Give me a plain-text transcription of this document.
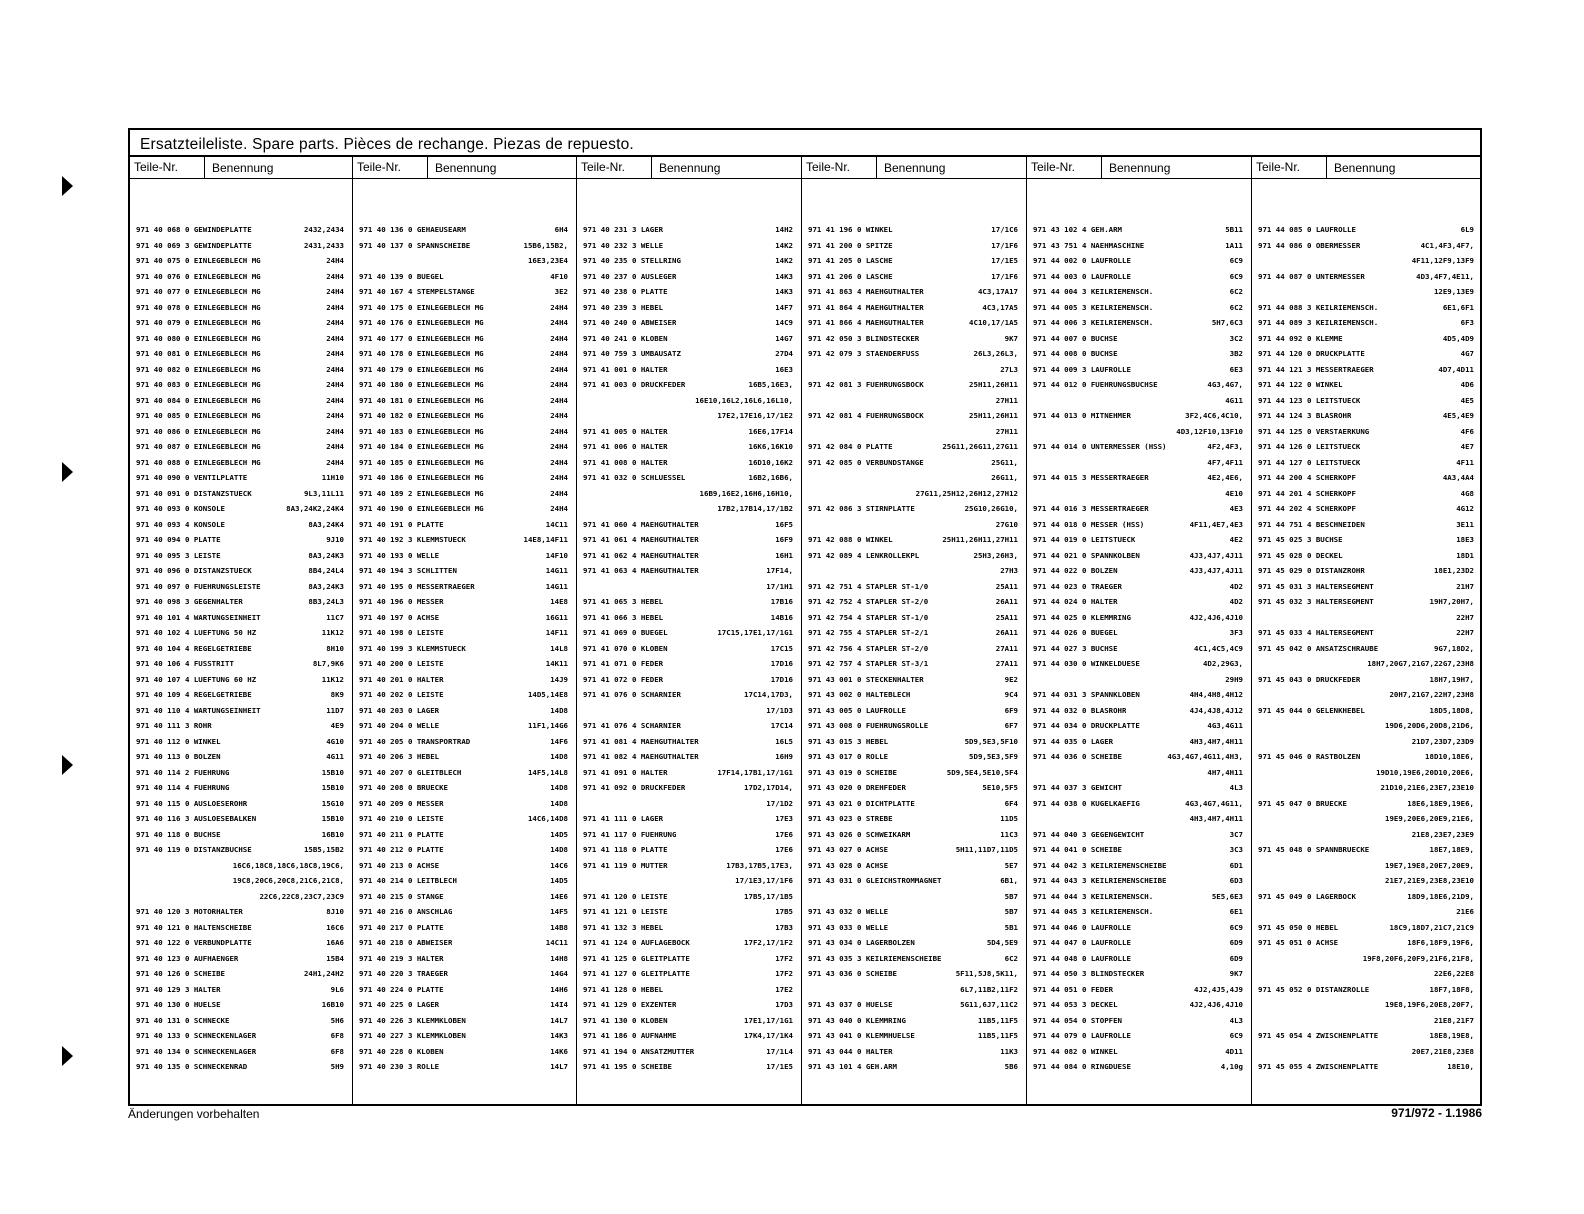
Ersatzteileliste. Spare parts. Pièces de rechange. Piezas de repuesto.
Teile-Nr.	Benennung
971 40 068 0 GEWINDEPLATTE	2432,2434
971 40 069 3 GEWINDEPLATTE	2431,2433
971 40 075 0 EINLEGEBLECH MG	24H4
971 40 076 0 EINLEGEBLECH MG	24H4
971 40 077 0 EINLEGEBLECH MG	24H4
971 40 078 0 EINLEGEBLECH MG	24H4
971 40 079 0 EINLEGEBLECH MG	24H4
971 40 080 0 EINLEGEBLECH MG	24H4
971 40 081 0 EINLEGEBLECH MG	24H4
971 40 082 0 EINLEGEBLECH MG	24H4
971 40 083 0 EINLEGEBLECH MG	24H4
971 40 084 0 EINLEGEBLECH MG	24H4
971 40 085 0 EINLEGEBLECH MG	24H4
971 40 086 0 EINLEGEBLECH MG	24H4
971 40 087 0 EINLEGEBLECH MG	24H4
971 40 088 0 EINLEGEBLECH MG	24H4
971 40 090 0 VENTILPLATTE	11H10
971 40 091 0 DISTANZSTUECK	9L3,11L11
971 40 093 0 KONSOLE	8A3,24K2,24K4
971 40 093 4 KONSOLE	8A3,24K4
971 40 094 0 PLATTE	9J10
971 40 095 3 LEISTE	8A3,24K3
971 40 096 0 DISTANZSTUECK	8B4,24L4
971 40 097 0 FUEHRUNGSLEISTE	8A3,24K3
971 40 098 3 GEGENHALTER	8B3,24L3
971 40 101 4 WARTUNGSEINHEIT	11C7
971 40 102 4 LUEFTUNG 50 HZ	11K12
971 40 104 4 REGELGETRIEBE	8H10
971 40 106 4 FUSSTRITT	8L7,9K6
971 40 107 4 LUEFTUNG 60 HZ	11K12
971 40 109 4 REGELGETRIEBE	8K9
971 40 110 4 WARTUNGSEINHEIT	11D7
971 40 111 3 ROHR	4E9
971 40 112 0 WINKEL	4G10
971 40 113 0 BOLZEN	4G11
971 40 114 2 FUEHRUNG	15B10
971 40 114 4 FUEHRUNG	15B10
971 40 115 0 AUSLOESEROHR	15G10
971 40 116 3 AUSLOESEBALKEN	15B10
971 40 118 0 BUCHSE	16B10
971 40 119 0 DISTANZBUCHSE	15B5,15B2
16C6,18C8,18C6,18C8,19C6,
19C8,20C6,20C8,21C6,21C8,
22C6,22C8,23C7,23C9
971 40 120 3 MOTORHALTER	8J10
971 40 121 0 HALTENSCHEIBE	16C6
971 40 122 0 VERBUNDPLATTE	16A6
971 40 123 0 AUFHAENGER	15B4
971 40 126 0 SCHEIBE	24H1,24H2
971 40 129 3 HALTER	9L6
971 40 130 0 HUELSE	16B10
971 40 131 0 SCHNECKE	5H6
971 40 133 0 SCHNECKENLAGER	6F8
971 40 134 0 SCHNECKENLAGER	6F8
971 40 135 0 SCHNECKENRAD	5H9
Teile-Nr.	Benennung
971 40 136 0 GEHAEUSEARM	6H4
971 40 137 0 SPANNSCHEIBE	15B6,15B2,
16E3,23E4
971 40 139 0 BUEGEL	4F10
971 40 167 4 STEMPELSTANGE	3E2
971 40 175 0 EINLEGEBLECH MG	24H4
971 40 176 0 EINLEGEBLECH MG	24H4
971 40 177 0 EINLEGEBLECH MG	24H4
971 40 178 0 EINLEGEBLECH MG	24H4
971 40 179 0 EINLEGEBLECH MG	24H4
971 40 180 0 EINLEGEBLECH MG	24H4
971 40 181 0 EINLEGEBLECH MG	24H4
971 40 182 0 EINLEGEBLECH MG	24H4
971 40 183 0 EINLEGEBLECH MG	24H4
971 40 184 0 EINLEGEBLECH MG	24H4
971 40 185 0 EINLEGEBLECH MG	24H4
971 40 186 0 EINLEGEBLECH MG	24H4
971 40 189 2 EINLEGEBLECH MG	24H4
971 40 190 0 EINLEGEBLECH MG	24H4
971 40 191 0 PLATTE	14C11
971 40 192 3 KLEMMSTUECK	14E8,14F11
971 40 193 0 WELLE	14F10
971 40 194 3 SCHLITTEN	14G11
971 40 195 0 MESSERTRAEGER	14G11
971 40 196 0 MESSER	14E8
971 40 197 0 ACHSE	16G11
971 40 198 0 LEISTE	14F11
971 40 199 3 KLEMMSTUECK	14L8
971 40 200 0 LEISTE	14K11
971 40 201 0 HALTER	14J9
971 40 202 0 LEISTE	14D5,14E8
971 40 203 0 LAGER	14D8
971 40 204 0 WELLE	11F1,14G6
971 40 205 0 TRANSPORTRAD	14F6
971 40 206 3 HEBEL	14D8
971 40 207 0 GLEITBLECH	14F5,14L8
971 40 208 0 BRUECKE	14D8
971 40 209 0 MESSER	14D8
971 40 210 0 LEISTE	14C6,14D8
971 40 211 0 PLATTE	14D5
971 40 212 0 PLATTE	14D8
971 40 213 0 ACHSE	14C6
971 40 214 0 LEITBLECH	14D5
971 40 215 0 STANGE	14E6
971 40 216 0 ANSCHLAG	14F5
971 40 217 0 PLATTE	14B8
971 40 218 0 ABWEISER	14C11
971 40 219 3 HALTER	14H8
971 40 220 3 TRAEGER	14G4
971 40 224 0 PLATTE	14H6
971 40 225 0 LAGER	14I4
971 40 226 3 KLEMMKLOBEN	14L7
971 40 227 3 KLEMMKLOBEN	14K3
971 40 228 0 KLOBEN	14K6
971 40 230 3 ROLLE	14L7
Teile-Nr.	Benennung
971 40 231 3 LAGER	14H2
971 40 232 3 WELLE	14K2
971 40 235 0 STELLRING	14K2
971 40 237 0 AUSLEGER	14K3
971 40 238 0 PLATTE	14K3
971 40 239 3 HEBEL	14F7
971 40 240 0 ABWEISER	14C9
971 40 241 0 KLOBEN	14G7
971 40 759 3 UMBAUSATZ	27D4
971 41 001 0 HALTER	16E3
971 41 003 0 DRUCKFEDER	16B5,16E3,
16E10,16L2,16L6,16L10,
17E2,17E16,17/1E2
971 41 005 0 HALTER	16E6,17F14
971 41 006 0 HALTER	16K6,16K10
971 41 008 0 HALTER	16D10,16K2
971 41 032 0 SCHLUESSEL	16B2,16B6,
16B9,16E2,16H6,16H10,
17B2,17B14,17/1B2
971 41 060 4 MAEHGUTHALTER	16F5
971 41 061 4 MAEHGUTHALTER	16F9
971 41 062 4 MAEHGUTHALTER	16H1
971 41 063 4 MAEHGUTHALTER	17F14,
17/1H1
971 41 065 3 HEBEL	17B16
971 41 066 3 HEBEL	14B16
971 41 069 0 BUEGEL	17C15,17E1,17/1G1
971 41 070 0 KLOBEN	17C15
971 41 071 0 FEDER	17D16
971 41 072 0 FEDER	17D16
971 41 076 0 SCHARNIER	17C14,17D3,
17/1D3
971 41 076 4 SCHARNIER	17C14
971 41 081 4 MAEHGUTHALTER	16L5
971 41 082 4 MAEHGUTHALTER	16H9
971 41 091 0 HALTER	17F14,17B1,17/1G1
971 41 092 0 DRUCKFEDER	17D2,17D14,
17/1D2
971 41 111 0 LAGER	17E3
971 41 117 0 FUEHRUNG	17E6
971 41 118 0 PLATTE	17E6
971 41 119 0 MUTTER	17B3,17B5,17E3,
17/1E3,17/1F6
971 41 120 0 LEISTE	17B5,17/1B5
971 41 121 0 LEISTE	17B5
971 41 132 3 HEBEL	17B3
971 41 124 0 AUFLAGEBOCK	17F2,17/1F2
971 41 125 0 GLEITPLATTE	17F2
971 41 127 0 GLEITPLATTE	17F2
971 41 128 0 HEBEL	17E2
971 41 129 0 EXZENTER	17D3
971 41 130 0 KLOBEN	17E1,17/1G1
971 41 186 0 AUFNAHME	17K4,17/1K4
971 41 194 0 ANSATZMUTTER	17/1L4
971 41 195 0 SCHEIBE	17/1E5
Teile-Nr.	Benennung
971 41 196 0 WINKEL	17/1C6
971 41 200 0 SPITZE	17/1F6
971 41 205 0 LASCHE	17/1E5
971 41 206 0 LASCHE	17/1F6
971 41 863 4 MAEHGUTHALTER	4C3,17A17
971 41 864 4 MAEHGUTHALTER	4C3,17A5
971 41 866 4 MAEHGUTHALTER	4C10,17/1A5
971 42 050 3 BLINDSTECKER	9K7
971 42 079 3 STAENDERFUSS	26L3,26L3,
27L3
971 42 081 3 FUEHRUNGSBOCK	25H11,26H11
27H11
971 42 081 4 FUEHRUNGSBOCK	25H11,26H11
27H11
971 42 084 0 PLATTE	25G11,26G11,27G11
971 42 085 0 VERBUNDSTANGE	25G11,
26G11,
27G11,25H12,26H12,27H12
971 42 086 3 STIRNPLATTE	25G10,26G10,
27G10
971 42 088 0 WINKEL	25H11,26H11,27H11
971 42 089 4 LENKROLLEKPL	25H3,26H3,
27H3
971 42 751 4 STAPLER ST-1/0	25A11
971 42 752 4 STAPLER ST-2/0	26A11
971 42 754 4 STAPLER ST-1/0	25A11
971 42 755 4 STAPLER ST-2/1	26A11
971 42 756 4 STAPLER ST-2/0	27A11
971 42 757 4 STAPLER ST-3/1	27A11
971 43 001 0 STECKENHALTER	9E2
971 43 002 0 HALTEBLECH	9C4
971 43 005 0 LAUFROLLE	6F9
971 43 008 0 FUEHRUNGSROLLE	6F7
971 43 015 3 HEBEL	5D9,5E3,5F10
971 43 017 0 ROLLE	5D9,5E3,5F9
971 43 019 0 SCHEIBE	5D9,5E4,5E10,5F4
971 43 020 0 DREHFEDER	5E10,5F5
971 43 021 0 DICHTPLATTE	6F4
971 43 023 0 STREBE	11D5
971 43 026 0 SCHWEIKARM	11C3
971 43 027 0 ACHSE	5H11,11D7,11D5
971 43 028 0 ACHSE	5E7
971 43 031 0 GLEICHSTROMMAGNET	6B1,
5B7
971 43 032 0 WELLE	5B7
971 43 033 0 WELLE	5B1
971 43 034 0 LAGERBOLZEN	5D4,5E9
971 43 035 3 KEILRIEMENSCHEIBE	6C2
971 43 036 0 SCHEIBE	5F11,5J8,5K11,
6L7,11B2,11F2
971 43 037 0 HUELSE	5G11,6J7,11C2
971 43 040 0 KLEMMRING	11B5,11F5
971 43 041 0 KLEMMHUELSE	11B5,11F5
971 43 044 0 HALTER	11K3
971 43 101 4 GEH.ARM	5B6
Teile-Nr.	Benennung
971 43 102 4 GEH.ARM	5B11
971 43 751 4 NAEHMASCHINE	1A11
971 44 002 0 LAUFROLLE	6C9
971 44 003 0 LAUFROLLE	6C9
971 44 004 3 KEILRIEMENSCH.	6C2
971 44 005 3 KEILRIEMENSCH.	6C2
971 44 006 3 KEILRIEMENSCH.	5H7,6C3
971 44 007 0 BUCHSE	3C2
971 44 008 0 BUCHSE	3B2
971 44 009 3 LAUFROLLE	6E3
971 44 012 0 FUEHRUNGSBUCHSE	4G3,4G7,
4G11
971 44 013 0 MITNEHMER	3F2,4C6,4C10,
4D3,12F10,13F10
971 44 014 0 UNTERMESSER (HSS)	4F2,4F3,
4F7,4F11
971 44 015 3 MESSERTRAEGER	4E2,4E6,
4E10
971 44 016 3 MESSERTRAEGER	4E3
971 44 018 0 MESSER (HSS)	4F11,4E7,4E3
971 44 019 0 LEITSTUECK	4E2
971 44 021 0 SPANNKOLBEN	4J3,4J7,4J11
971 44 022 0 BOLZEN	4J3,4J7,4J11
971 44 023 0 TRAEGER	4D2
971 44 024 0 HALTER	4D2
971 44 025 0 KLEMMRING	4J2,4J6,4J10
971 44 026 0 BUEGEL	3F3
971 44 027 3 BUCHSE	4C1,4C5,4C9
971 44 030 0 WINKELDUESE	4D2,29G3,
29H9
971 44 031 3 SPANNKLOBEN	4H4,4H8,4H12
971 44 032 0 BLASROHR	4J4,4J8,4J12
971 44 034 0 DRUCKPLATTE	4G3,4G11
971 44 035 0 LAGER	4H3,4H7,4H11
971 44 036 0 SCHEIBE	4G3,4G7,4G11,4H3,
4H7,4H11
971 44 037 3 GEWICHT	4L3
971 44 038 0 KUGELKAEFIG	4G3,4G7,4G11,
4H3,4H7,4H11
971 44 040 3 GEGENGEWICHT	3C7
971 44 041 0 SCHEIBE	3C3
971 44 042 3 KEILRIEMENSCHEIBE	6D1
971 44 043 3 KEILRIEMENSCHEIBE	6D3
971 44 044 3 KEILRIEMENSCH.	5E5,6E3
971 44 045 3 KEILRIEMENSCH.	6E1
971 44 046 0 LAUFROLLE	6C9
971 44 047 0 LAUFROLLE	6D9
971 44 048 0 LAUFROLLE	6D9
971 44 050 3 BLINDSTECKER	9K7
971 44 051 0 FEDER	4J2,4J5,4J9
971 44 053 3 DECKEL	4J2,4J6,4J10
971 44 054 0 STOPFEN	4L3
971 44 079 0 LAUFROLLE	6C9
971 44 082 0 WINKEL	4D11
971 44 084 0 RINGDUESE	4,10g
Teile-Nr.	Benennung
971 44 085 0 LAUFROLLE	6L9
971 44 086 0 OBERMESSER	4C1,4F3,4F7,
4F11,12F9,13F9
971 44 087 0 UNTERMESSER	4D3,4F7,4E11,
12E9,13E9
971 44 088 3 KEILRIEMENSCH.	6E1,6F1
971 44 089 3 KEILRIEMENSCH.	6F3
971 44 092 0 KLEMME	4D5,4D9
971 44 120 0 DRUCKPLATTE	4G7
971 44 121 3 MESSERTRAEGER	4D7,4D11
971 44 122 0 WINKEL	4D6
971 44 123 0 LEITSTUECK	4E5
971 44 124 3 BLASROHR	4E5,4E9
971 44 125 0 VERSTAERKUNG	4F6
971 44 126 0 LEITSTUECK	4E7
971 44 127 0 LEITSTUECK	4F11
971 44 200 4 SCHERKOPF	4A3,4A4
971 44 201 4 SCHERKOPF	4G8
971 44 202 4 SCHERKOPF	4G12
971 44 751 4 BESCHNEIDEN	3E11
971 45 025 3 BUCHSE	18E3
971 45 028 0 DECKEL	18D1
971 45 029 0 DISTANZROHR	18E1,23D2
971 45 031 3 HALTERSEGMENT	21H7
971 45 032 3 HALTERSEGMENT	19H7,20H7,
22H7
971 45 033 4 HALTERSEGMENT	22H7
971 45 042 0 ANSATZSCHRAUBE	9G7,18D2,
18H7,20G7,21G7,22G7,23H8
971 45 043 0 DRUCKFEDER	18H7,19H7,
20H7,21G7,22H7,23H8
971 45 044 0 GELENKHEBEL	18D5,18D8,
19D6,20D6,20D8,21D6,
21D7,23D7,23D9
971 45 046 0 RASTBOLZEN	18D10,18E6,
19D10,19E6,20D10,20E6,
21D10,21E6,23E7,23E10
971 45 047 0 BRUECKE	18E6,18E9,19E6,
19E9,20E6,20E9,21E6,
21E8,23E7,23E9
971 45 048 0 SPANNBRUECKE	18E7,18E9,
19E7,19E8,20E7,20E9,
21E7,21E9,23E8,23E10
971 45 049 0 LAGERBOCK	18D9,18E6,21D9,
21E6
971 45 050 0 HEBEL	18C9,18D7,21C7,21C9
971 45 051 0 ACHSE	18F6,18F9,19F6,
19F8,20F6,20F9,21F6,21F8,
22E6,22E8
971 45 052 0 DISTANZROLLE	18F7,18F8,
19E8,19F6,20E8,20F7,
21E8,21F7
971 45 054 4 ZWISCHENPLATTE	18E8,19E8,
20E7,21E8,23E8
971 45 055 4 ZWISCHENPLATTE	18E10,
Änderungen vorbehalten	971/972 - 1.1986
